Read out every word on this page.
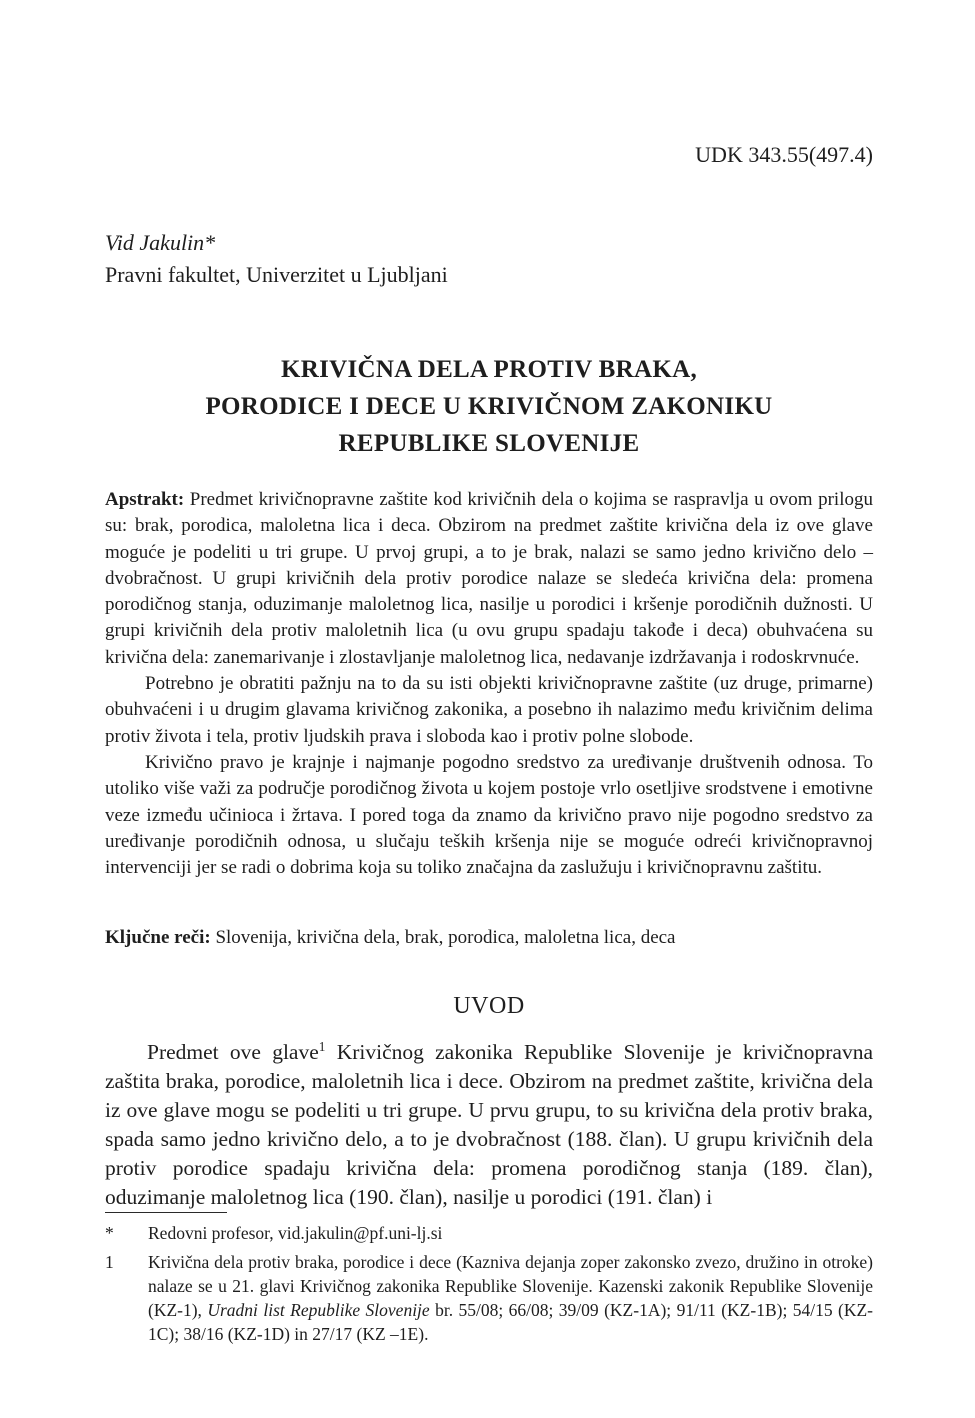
UDK 343.55(497.4)
Vid Jakulin*
Pravni fakultet, Univerzitet u Ljubljani
KRIVIČNA DELA PROTIV BRAKA,
PORODICE I DECE U KRIVIČNOM ZAKONIKU
REPUBLIKE SLOVENIJE

Apstrakt: Predmet krivičnopravne zaštite kod krivičnih dela o kojima se raspravlja u ovom prilogu su: brak, porodica, maloletna lica i deca. Obzirom na predmet zaštite krivična dela iz ove glave moguće je podeliti u tri grupe. U prvoj grupi, a to je brak, nalazi se samo jedno krivično delo – dvobračnost. U grupi krivičnih dela protiv porodice nalaze se sledeća krivična dela: promena porodičnog stanja, oduzimanje maloletnog lica, nasilje u porodici i kršenje porodičnih dužnosti. U grupi krivičnih dela protiv maloletnih lica (u ovu grupu spadaju takođe i deca) obuhvaćena su krivična dela: zanemarivanje i zlostavljanje maloletnog lica, nedavanje izdržavanja i rodoskrvnuće.

Potrebno je obratiti pažnju na to da su isti objekti krivičnopravne zaštite (uz druge, primarne) obuhvaćeni i u drugim glavama krivičnog zakonika, a posebno ih nalazimo među krivičnim delima protiv života i tela, protiv ljudskih prava i sloboda kao i protiv polne slobode.

Krivično pravo je krajnje i najmanje pogodno sredstvo za uređivanje društvenih odnosa. To utoliko više važi za područje porodičnog života u kojem postoje vrlo osetljive srodstvene i emotivne veze između učinioca i žrtava. I pored toga da znamo da krivično pravo nije pogodno sredstvo za uređivanje porodičnih odnosa, u slučaju teških kršenja nije se moguće odreći krivičnopravnoj intervenciji jer se radi o dobrima koja su toliko značajna da zaslužuju i krivičnopravnu zaštitu.

Ključne reči: Slovenija, krivična dela, brak, porodica, maloletna lica, deca
UVOD

Predmet ove glave$^1$ Krivičnog zakonika Republike Slovenije je krivičnopravna zaštita braka, porodice, maloletnih lica i dece. Obzirom na predmet zaštite, krivična dela iz ove glave mogu se podeliti u tri grupe. U prvu grupu, to su krivična dela protiv braka, spada samo jedno krivično delo, a to je dvobračnost (188. član). U grupu krivičnih dela protiv porodice spadaju krivična dela: promena porodičnog stanja (189. član), oduzimanje maloletnog lica (190. član), nasilje u porodici (191. član) i

*	Redovni profesor, vid.jakulin@pf.uni-lj.si
1	Krivična dela protiv braka, porodice i dece (Kazniva dejanja zoper zakonsko zvezo, družino in otroke) nalaze se u 21. glavi Krivičnog zakonika Republike Slovenije. Kazenski zakonik Republike Slovenije (KZ-1), Uradni list Republike Slovenije br. 55/08; 66/08; 39/09 (KZ-1A); 91/11 (KZ-1B); 54/15 (KZ-1C); 38/16 (KZ-1D) in 27/17 (KZ –1E).
